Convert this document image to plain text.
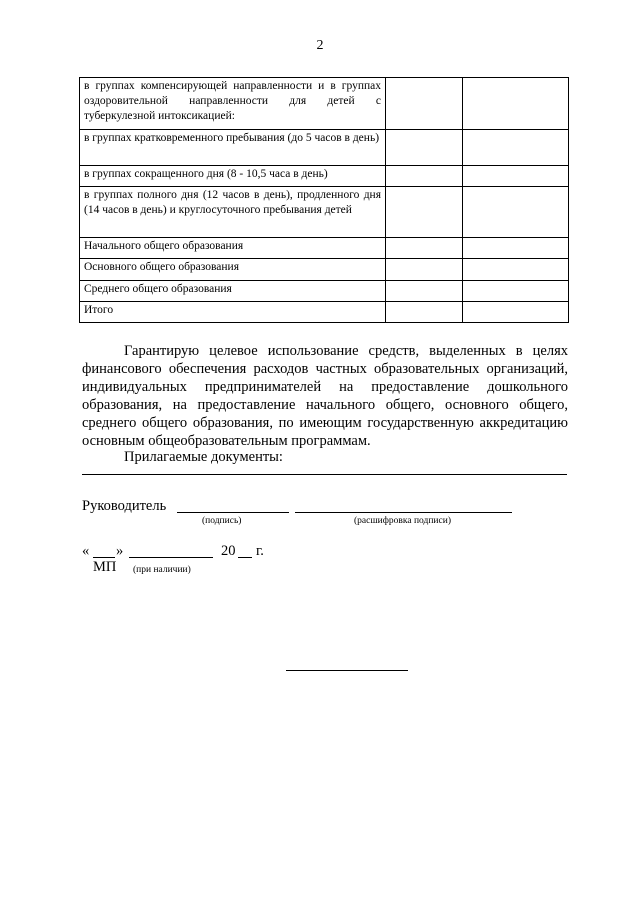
2
в группах компенсирующей направленности и в группах оздоровительной направленности для детей с туберкулезной интоксикацией:		
в группах кратковременного пребывания (до 5 часов в день)		
в группах сокращенного дня (8 - 10,5 часа в день)		
в группах полного дня (12 часов в день), продленного дня (14 часов в день) и круглосуточного пребывания детей		
Начального общего образования		
Основного общего образования		
Среднего общего образования		
Итого		
Гарантирую целевое использование средств, выделенных в целях финансового обеспечения расходов частных образовательных организаций, индивидуальных предпринимателей на предоставление дошкольного образования, на предоставление начального общего, основного общего, среднего общего образования, по имеющим государственную аккредитацию основным общеобразовательным программам.
Прилагаемые документы:
Руководитель
(подпись)	(расшифровка подписи)
« »	20 г.
МП (при наличии)
